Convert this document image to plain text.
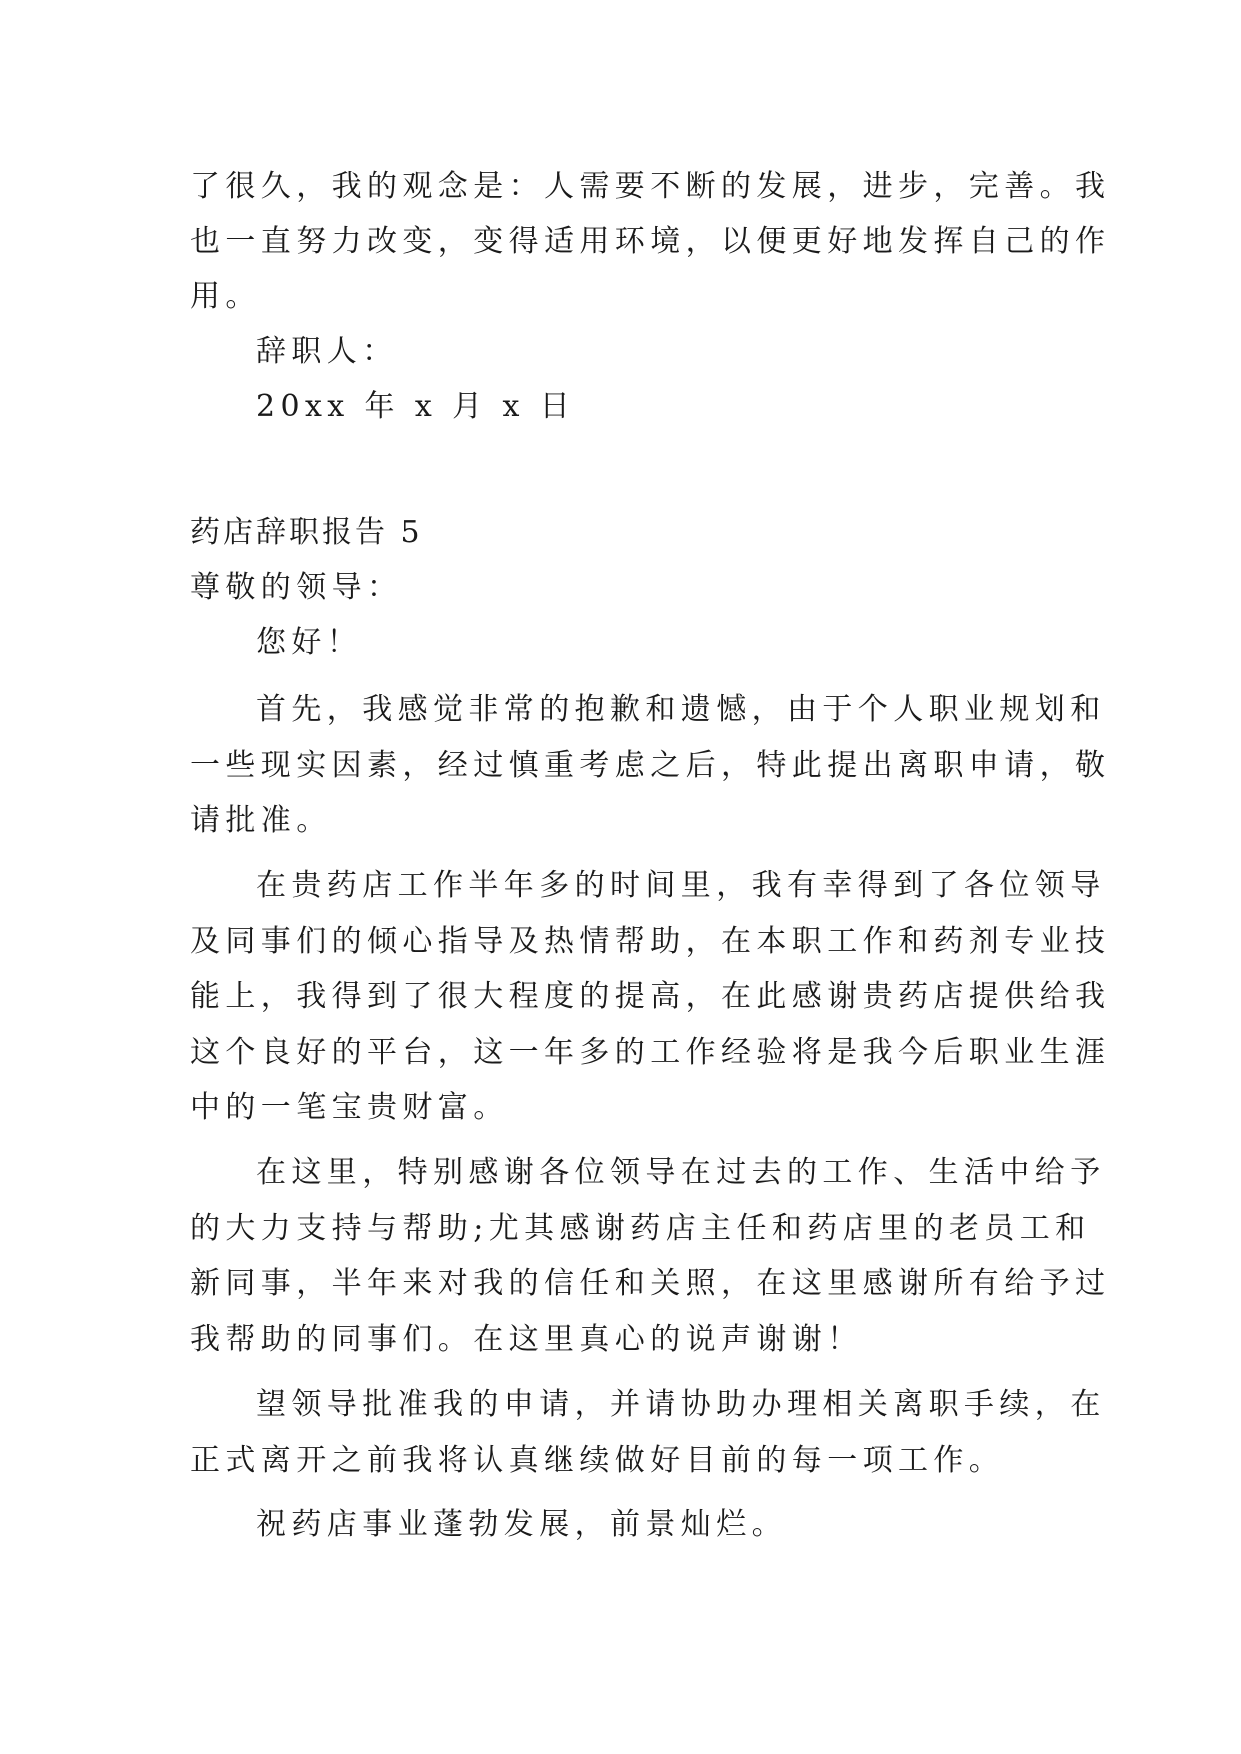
了很久，我的观念是：人需要不断的发展，进步，完善。我
也一直努力改变，变得适用环境，以便更好地发挥自己的作
用。
辞职人：
20xx 年 x 月 x 日
药店辞职报告 5
尊敬的领导：
您好！
首先，我感觉非常的抱歉和遗憾，由于个人职业规划和
一些现实因素，经过慎重考虑之后，特此提出离职申请，敬
请批准。
在贵药店工作半年多的时间里，我有幸得到了各位领导
及同事们的倾心指导及热情帮助，在本职工作和药剂专业技
能上，我得到了很大程度的提高，在此感谢贵药店提供给我
这个良好的平台，这一年多的工作经验将是我今后职业生涯
中的一笔宝贵财富。
在这里，特别感谢各位领导在过去的工作、生活中给予
的大力支持与帮助;尤其感谢药店主任和药店里的老员工和
新同事，半年来对我的信任和关照，在这里感谢所有给予过
我帮助的同事们。在这里真心的说声谢谢！
望领导批准我的申请，并请协助办理相关离职手续，在
正式离开之前我将认真继续做好目前的每一项工作。
祝药店事业蓬勃发展，前景灿烂。
